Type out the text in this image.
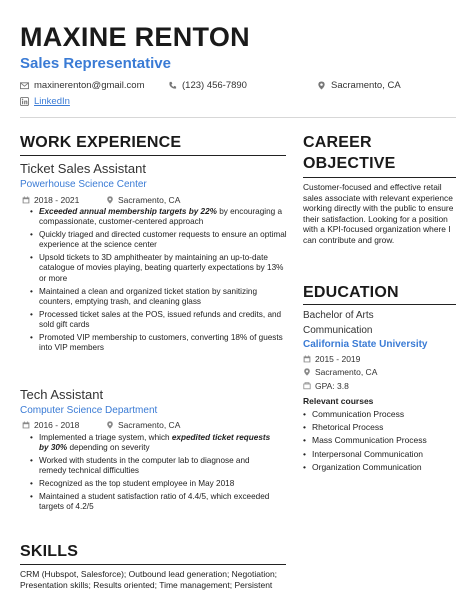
MAXINE RENTON
Sales Representative
maxinerenton@gmail.com	(123) 456-7890	Sacramento, CA
LinkedIn
WORK EXPERIENCE
Ticket Sales Assistant
Powerhouse Science Center
2018 - 2021	Sacramento, CA
• Exceeded annual membership targets by 22% by encouraging a compassionate, customer-centered approach
• Quickly triaged and directed customer requests to ensure an optimal experience at the science center
• Upsold tickets to 3D amphitheater by maintaining an up-to-date catalogue of movies playing, beating quarterly expectations by 13% or more
• Maintained a clean and organized ticket station by sanitizing counters, emptying trash, and cleaning glass
• Processed ticket sales at the POS, issued refunds and credits, and sold gift cards
• Promoted VIP membership to customers, converting 18% of guests into VIP members
Tech Assistant
Computer Science Department
2016 - 2018	Sacramento, CA
• Implemented a triage system, which expedited ticket requests by 30% depending on severity
• Worked with students in the computer lab to diagnose and remedy technical difficulties
• Recognized as the top student employee in May 2018
• Maintained a student satisfaction ratio of 4.4/5, which exceeded targets of 4.2/5
CAREER
OBJECTIVE
Customer-focused and effective retail sales associate with relevant experience working directly with the public to ensure their satisfaction. Looking for a position with a KPI-focused organization where I can contribute and grow.
EDUCATION
Bachelor of Arts Communication
California State University
2015 - 2019
Sacramento, CA
GPA: 3.8
Relevant courses
• Communication Process
• Rhetorical Process
• Mass Communication Process
• Interpersonal Communication
• Organization Communication
SKILLS
CRM (Hubspot, Salesforce); Outbound lead generation; Negotiation; Presentation skills; Results oriented; Time management; Persistent
